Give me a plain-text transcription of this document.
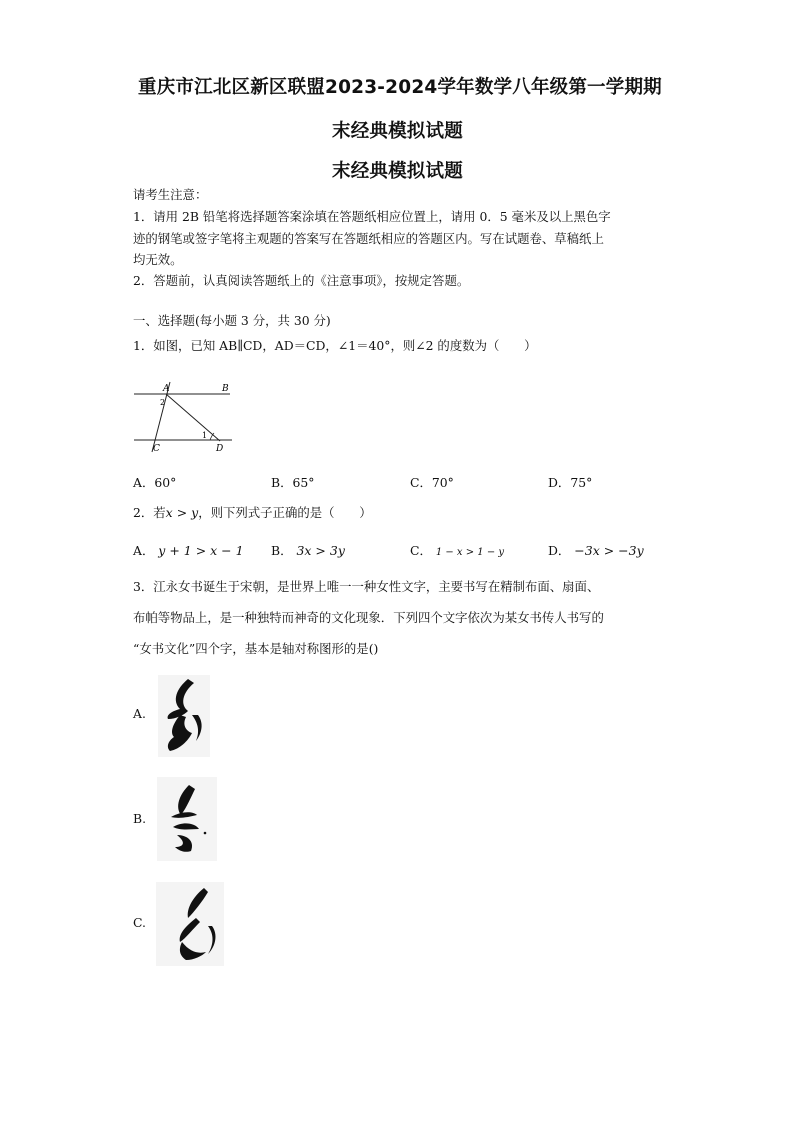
重庆市江北区新区联盟2023-2024学年数学八年级第一学期期
末经典模拟试题
末经典模拟试题
请考生注意：
1．请用 2B 铅笔将选择题答案涂填在答题纸相应位置上，请用 0．5 毫米及以上黑色字
迹的钢笔或签字笔将主观题的答案写在答题纸相应的答题区内。写在试题卷、草稿纸上
均无效。
2．答题前，认真阅读答题纸上的《注意事项》，按规定答题。
一、选择题(每小题 3 分，共 30 分)
1．如图，已知 AB∥CD，AD＝CD，∠1＝40°，则∠2 的度数为（　　）
A	B
C	D
1
2
A．60°	B．65°	C．70°	D．75°
2．若x > y，则下列式子正确的是（　　）
A． y + 1 > x − 1 B． 3x > 3y	C． 1 − x > 1 − y	D． −3x > −3y
3．江永女书诞生于宋朝，是世界上唯一一种女性文字，主要书写在精制布面、扇面、
布帕等物品上，是一种独特而神奇的文化现象．下列四个文字依次为某女书传人书写的
“女书文化”四个字，基本是轴对称图形的是()
A.
B.
C.
